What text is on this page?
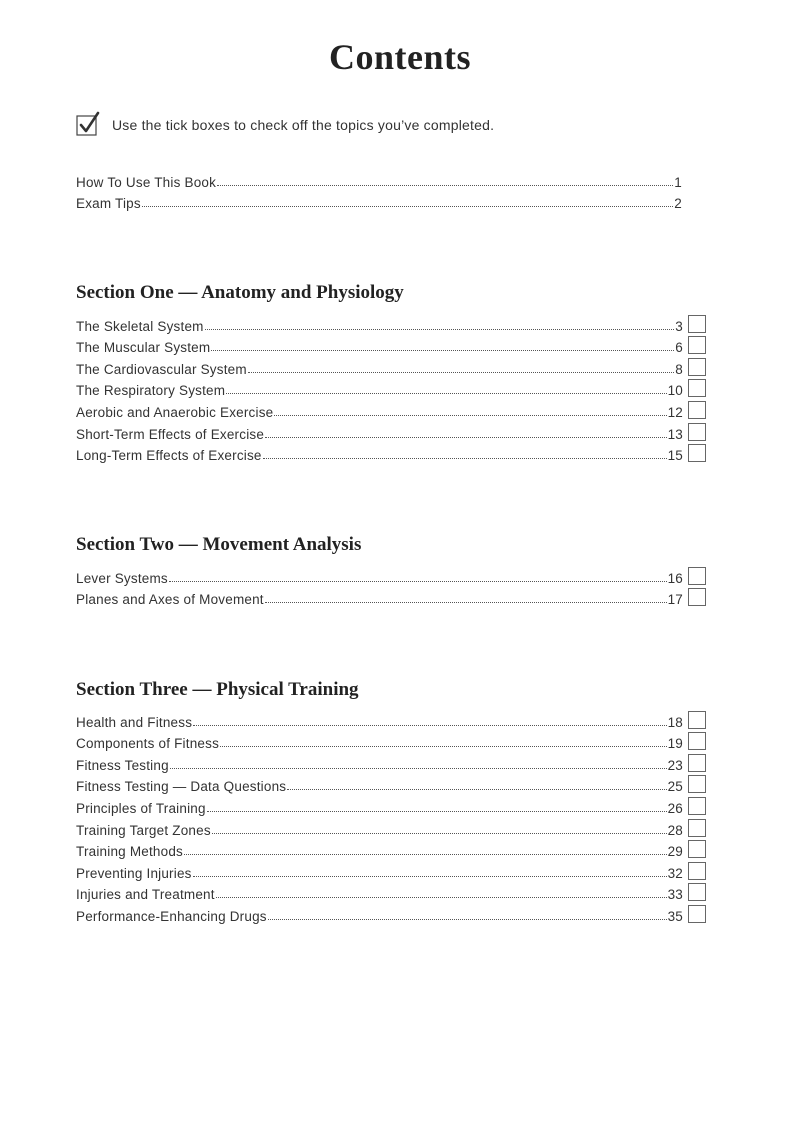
Contents
Use the tick boxes to check off the topics you’ve completed.
How To Use This Book	1
Exam Tips	2
Section One — Anatomy and Physiology
The Skeletal System	3
The Muscular System	6
The Cardiovascular System	8
The Respiratory System	10
Aerobic and Anaerobic Exercise	12
Short-Term Effects of Exercise	13
Long-Term Effects of Exercise	15
Section Two — Movement Analysis
Lever Systems	16
Planes and Axes of Movement	17
Section Three — Physical Training
Health and Fitness	18
Components of Fitness	19
Fitness Testing	23
Fitness Testing — Data Questions	25
Principles of Training	26
Training Target Zones	28
Training Methods	29
Preventing Injuries	32
Injuries and Treatment	33
Performance-Enhancing Drugs	35
